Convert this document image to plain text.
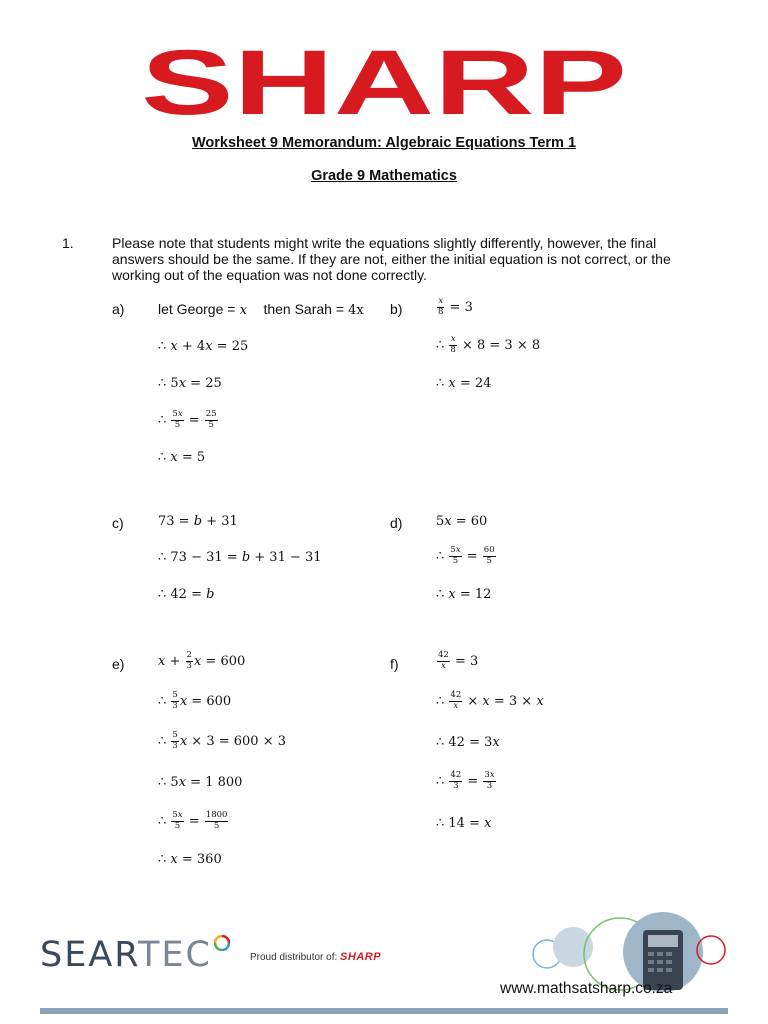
SHARP
Worksheet 9 Memorandum: Algebraic Equations Term 1
Grade 9 Mathematics
1.	Please note that students might write the equations slightly differently, however, the final answers should be the same. If they are not, either the initial equation is not correct, or the working out of the equation was not done correctly.
a) let George = x then Sarah = 4x
∴ x + 4x = 25
∴ 5x = 25
∴ $\frac{5x}{5} = \frac{25}{5}$
∴ x = 5
b)	$\frac{x}{8} = 3$
∴ $\frac{x}{8} \times 8 = 3 \times 8$
∴ x = 24
c)	73 = b + 31
∴ 73 − 31 = b + 31 − 31
∴ 42 = b
d)	5x = 60
∴ $\frac{5x}{5} = \frac{60}{5}$
∴ x = 12
e)	$x + \frac{2}{3}$ x = 600
∴ $\frac{5}{3}$ x = 600
∴ $\frac{5}{3}$ x × 3 = 600 × 3
∴ 5x = 1 800
∴ $\frac{5x}{5} = \frac{1800}{5}$
∴ x = 360
f)	$\frac{42}{x} = 3$
∴ $\frac{42}{x} \times x = 3 \times x$
∴ 42 = 3x
∴ $\frac{42}{3} = \frac{3x}{3}$
∴ 14 = x
SEARTEC	Proud distributor of: SHARP
www.mathsatsharp.co.za
